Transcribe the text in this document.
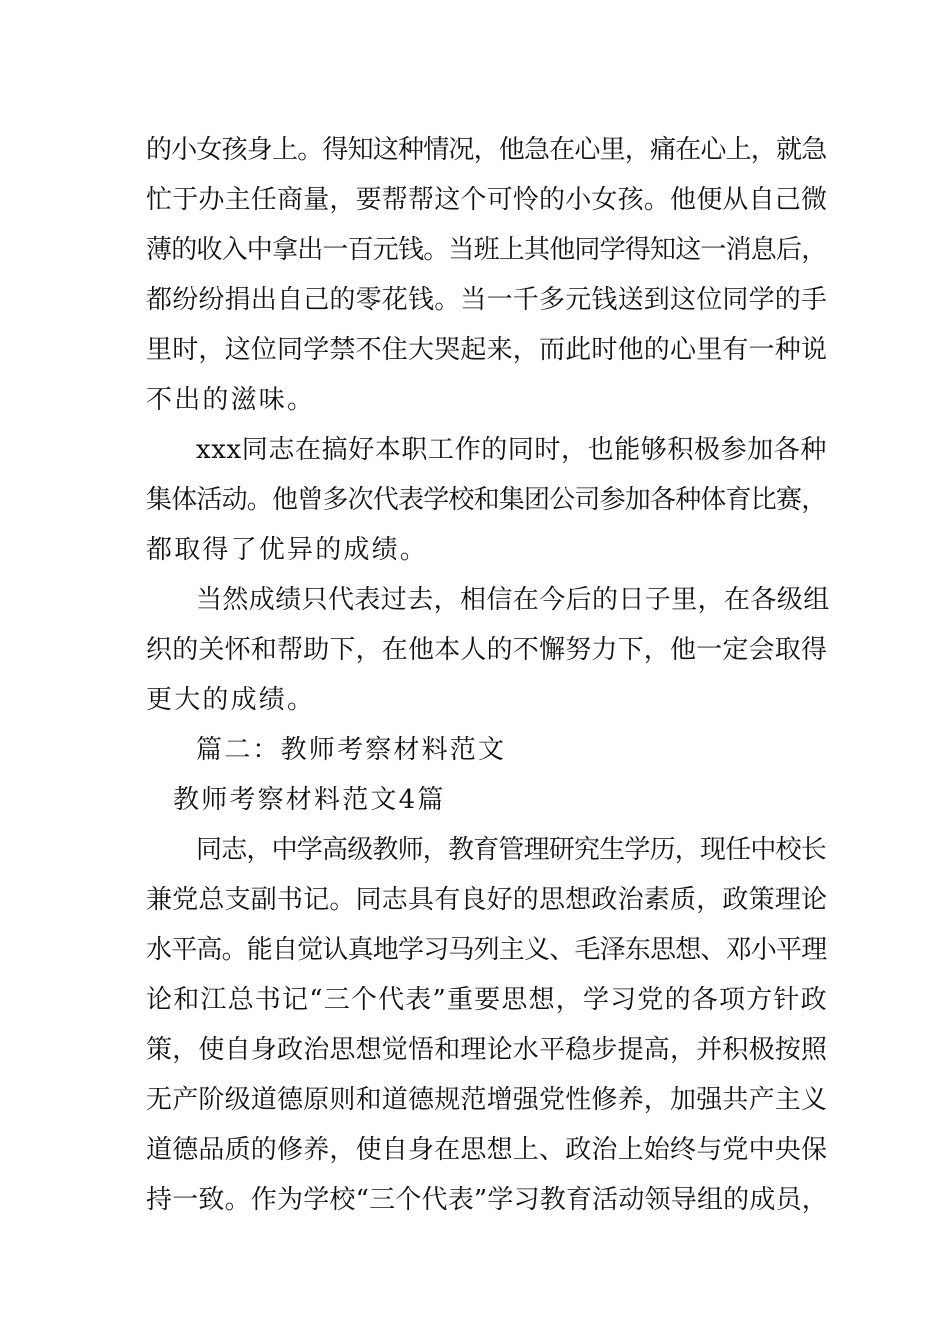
的小女孩身上。得知这种情况，他急在心里，痛在心上，就急
忙于办主任商量，要帮帮这个可怜的小女孩。他便从自己微
薄的收入中拿出一百元钱。当班上其他同学得知这一消息后，
都纷纷捐出自己的零花钱。当一千多元钱送到这位同学的手
里时，这位同学禁不住大哭起来，而此时他的心里有一种说
不出的滋味。
xxx同志在搞好本职工作的同时，也能够积极参加各种
集体活动。他曾多次代表学校和集团公司参加各种体育比赛，
都取得了优异的成绩。
当然成绩只代表过去，相信在今后的日子里，在各级组
织的关怀和帮助下，在他本人的不懈努力下，他一定会取得
更大的成绩。
篇二：教师考察材料范文
教师考察材料范文4篇
同志，中学高级教师，教育管理研究生学历，现任中校长
兼党总支副书记。同志具有良好的思想政治素质，政策理论
水平高。能自觉认真地学习马列主义、毛泽东思想、邓小平理
论和江总书记“三个代表”重要思想，学习党的各项方针政
策，使自身政治思想觉悟和理论水平稳步提高，并积极按照
无产阶级道德原则和道德规范增强党性修养，加强共产主义
道德品质的修养，使自身在思想上、政治上始终与党中央保
持一致。作为学校“三个代表”学习教育活动领导组的成员，
